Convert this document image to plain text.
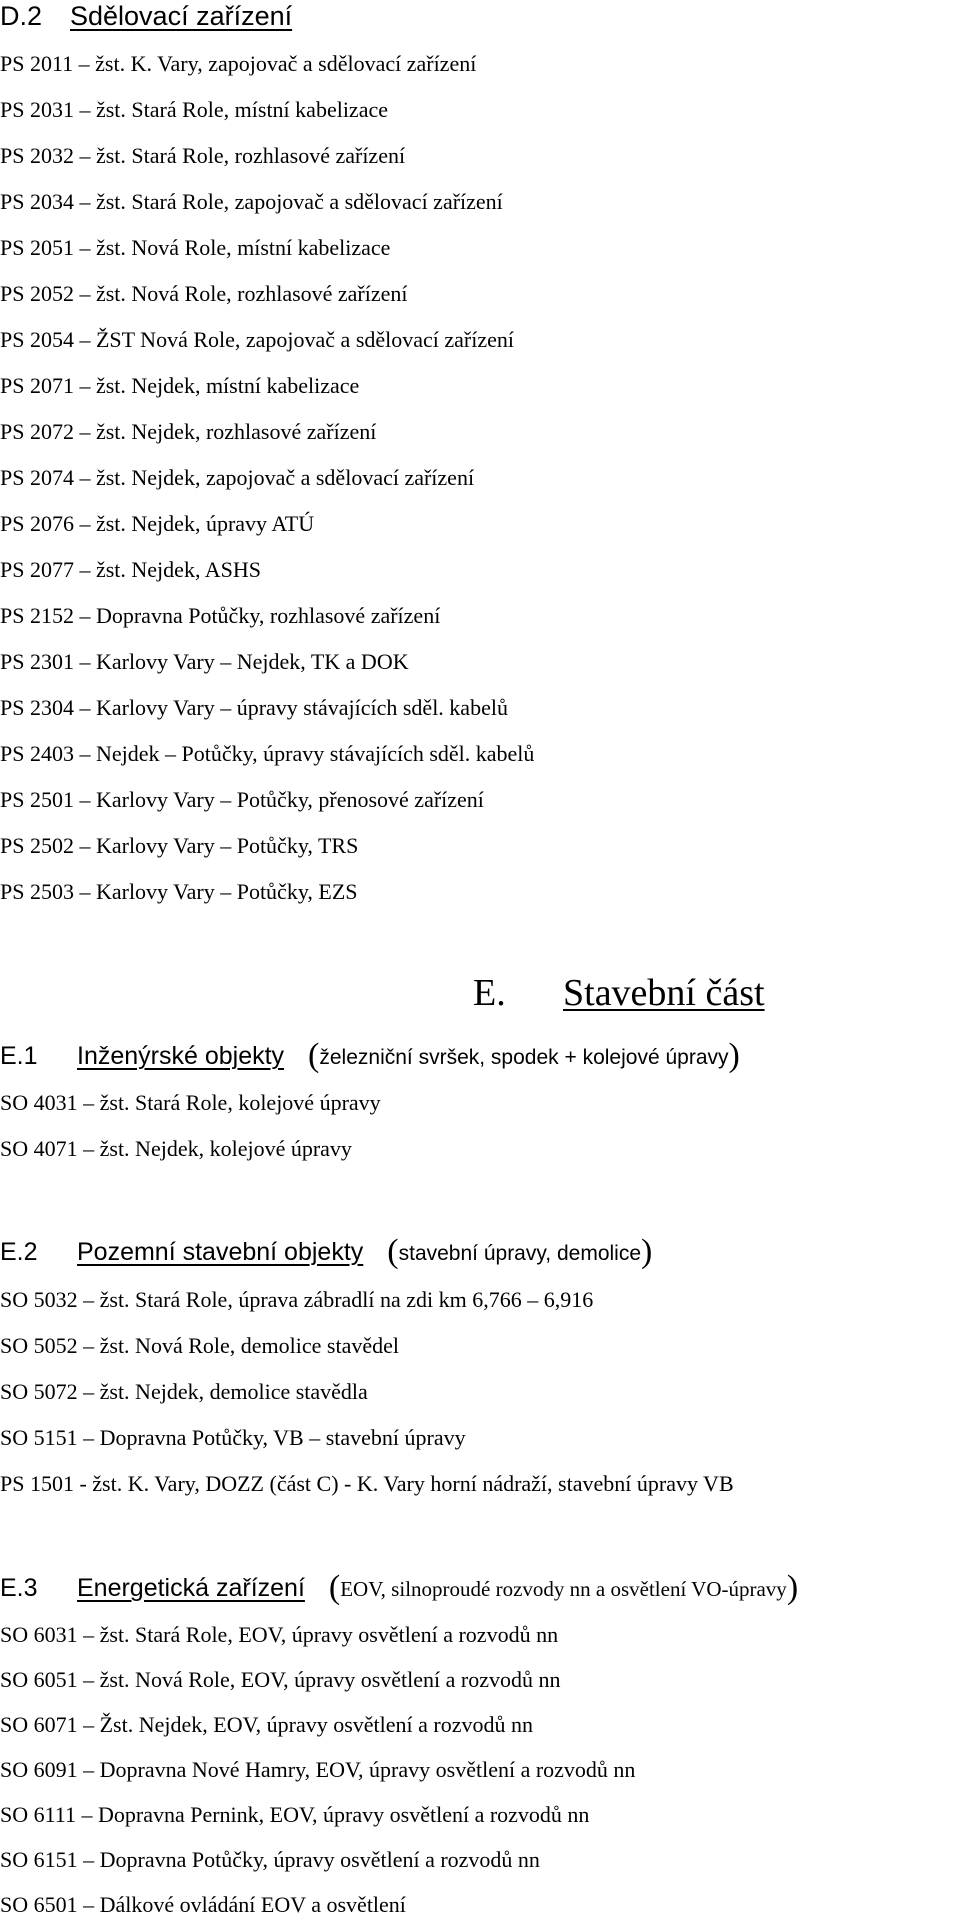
D.2 Sdělovací zařízení
PS 2011 – žst. K. Vary, zapojovač a sdělovací zařízení
PS 2031 – žst. Stará Role, místní kabelizace
PS 2032 – žst. Stará Role, rozhlasové zařízení
PS 2034 – žst. Stará Role, zapojovač a sdělovací zařízení
PS 2051 – žst. Nová Role, místní kabelizace
PS 2052 – žst. Nová Role, rozhlasové zařízení
PS 2054 – ŽST Nová Role, zapojovač a sdělovací zařízení
PS 2071 – žst. Nejdek, místní kabelizace
PS 2072 – žst. Nejdek, rozhlasové zařízení
PS 2074 – žst. Nejdek, zapojovač a sdělovací zařízení
PS 2076 – žst. Nejdek, úpravy ATÚ
PS 2077 – žst. Nejdek, ASHS
PS 2152 – Dopravna Potůčky, rozhlasové zařízení
PS 2301 – Karlovy Vary – Nejdek, TK a DOK
PS 2304 – Karlovy Vary – úpravy stávajících sděl. kabelů
PS 2403 – Nejdek – Potůčky, úpravy stávajících sděl. kabelů
PS 2501 – Karlovy Vary – Potůčky, přenosové zařízení
PS 2502 – Karlovy Vary – Potůčky, TRS
PS 2503 – Karlovy Vary – Potůčky, EZS
E. Stavební část
E.1 Inženýrské objekty (železniční svršek, spodek + kolejové úpravy)
SO 4031 – žst. Stará Role, kolejové úpravy
SO 4071 – žst. Nejdek, kolejové úpravy
E.2 Pozemní stavební objekty (stavební úpravy, demolice)
SO 5032 – žst. Stará Role, úprava zábradlí na zdi km 6,766 – 6,916
SO 5052 – žst. Nová Role, demolice stavědel
SO 5072 – žst. Nejdek, demolice stavědla
SO 5151 – Dopravna Potůčky, VB – stavební úpravy
PS 1501 - žst. K. Vary, DOZZ (část C) - K. Vary horní nádraží, stavební úpravy VB
E.3 Energetická zařízení (EOV, silnoproudé rozvody nn a osvětlení VO-úpravy)
SO 6031 – žst. Stará Role, EOV, úpravy osvětlení a rozvodů nn
SO 6051 – žst. Nová Role, EOV, úpravy osvětlení a rozvodů nn
SO 6071 – Žst. Nejdek, EOV, úpravy osvětlení a rozvodů nn
SO 6091 – Dopravna Nové Hamry, EOV, úpravy osvětlení a rozvodů nn
SO 6111 – Dopravna Pernink, EOV, úpravy osvětlení a rozvodů nn
SO 6151 – Dopravna Potůčky, úpravy osvětlení a rozvodů nn
SO 6501 – Dálkové ovládání EOV a osvětlení
